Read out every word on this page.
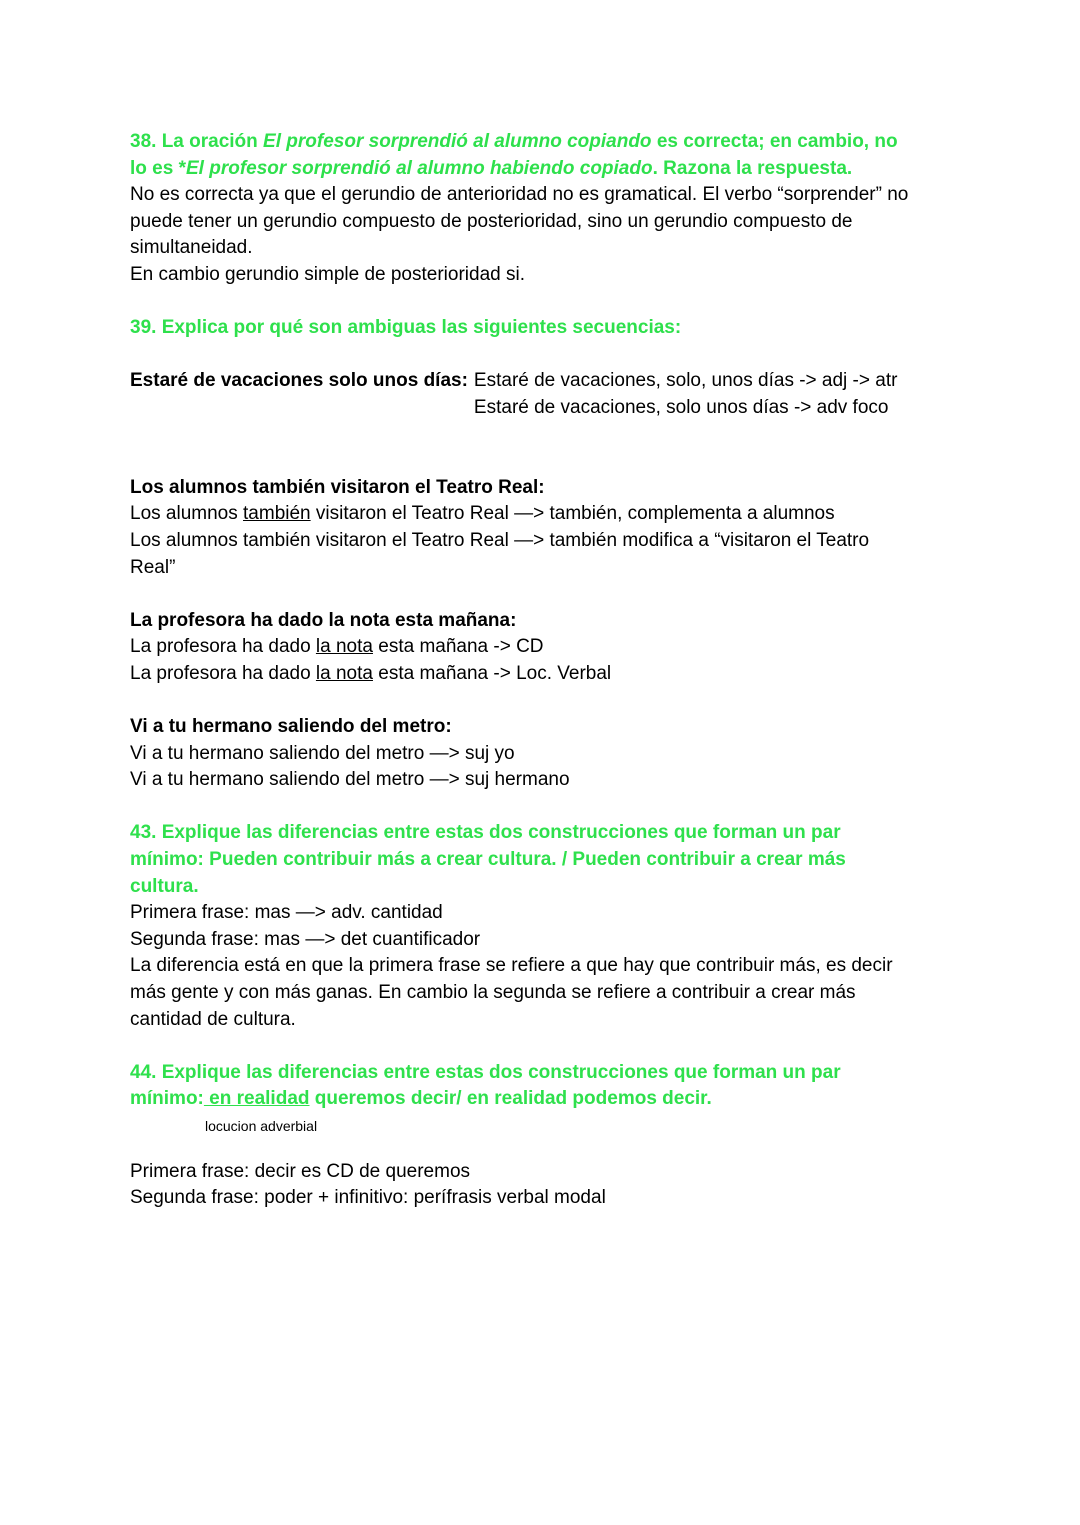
38. La oración El profesor sorprendió al alumno copiando es correcta; en cambio, no
lo es *El profesor sorprendió al alumno habiendo copiado. Razona la respuesta.
No es correcta ya que el gerundio de anterioridad no es gramatical. El verbo “sorprender” no
puede tener un gerundio compuesto de posterioridad, sino un gerundio compuesto de
simultaneidad.
En cambio gerundio simple de posterioridad si.
39. Explica por qué son ambiguas las siguientes secuencias:
Estaré de vacaciones solo unos días: Estaré de vacaciones, solo, unos días -> adj -> atr
Estaré de vacaciones, solo unos días -> adv foco
Los alumnos también visitaron el Teatro Real:
Los alumnos también visitaron el Teatro Real —> también, complementa a alumnos
Los alumnos también visitaron el Teatro Real —> también modifica a “visitaron el Teatro
Real”
La profesora ha dado la nota esta mañana:
La profesora ha dado la nota esta mañana -> CD
La profesora ha dado la nota esta mañana -> Loc. Verbal
Vi a tu hermano saliendo del metro:
Vi a tu hermano saliendo del metro —> suj yo
Vi a tu hermano saliendo del metro —> suj hermano
43. Explique las diferencias entre estas dos construcciones que forman un par
mínimo: Pueden contribuir más a crear cultura. / Pueden contribuir a crear más
cultura.
Primera frase: mas —> adv. cantidad
Segunda frase: mas —> det cuantificador
La diferencia está en que la primera frase se refiere a que hay que contribuir más, es decir
más gente y con más ganas. En cambio la segunda se refiere a contribuir a crear más
cantidad de cultura.
44. Explique las diferencias entre estas dos construcciones que forman un par
mínimo: en realidad queremos decir/ en realidad podemos decir.
locucion adverbial
Primera frase: decir es CD de queremos
Segunda frase: poder + infinitivo: perífrasis verbal modal
